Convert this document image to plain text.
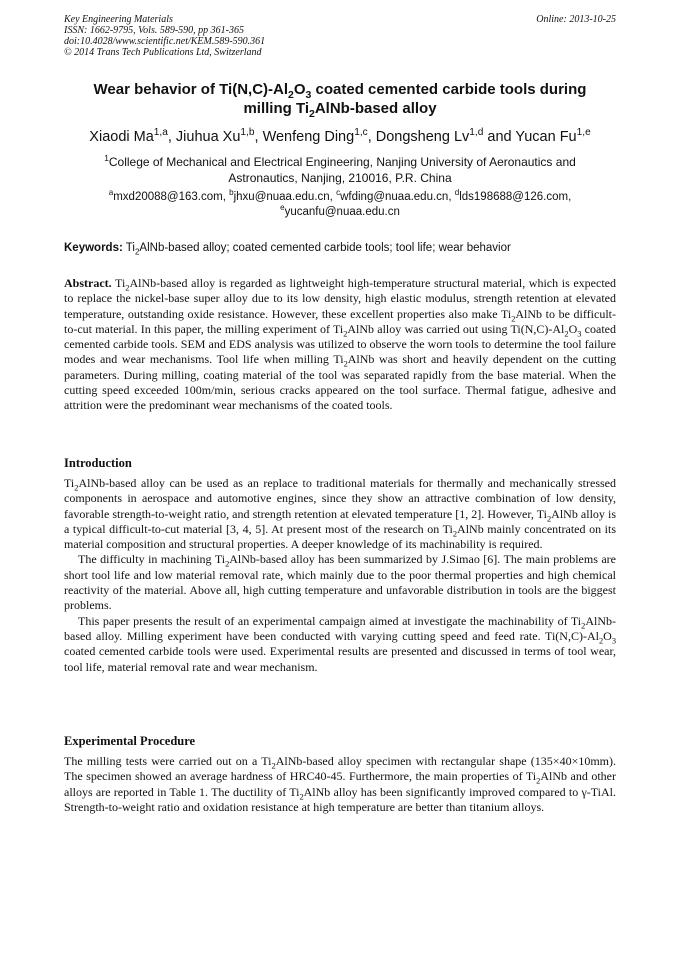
Key Engineering Materials
ISSN: 1662-9795, Vols. 589-590, pp 361-365
doi:10.4028/www.scientific.net/KEM.589-590.361
© 2014 Trans Tech Publications Ltd, Switzerland
Online: 2013-10-25
Wear behavior of $Ti(N,C)-Al_2O_3$ coated cemented carbide tools during
milling $Ti_2AlNb$-based alloy
Xiaodi Ma$^{1,a}$, Jiuhua Xu$^{1,b}$, Wenfeng Ding$^{1,c}$, Dongsheng Lv$^{1,d}$ and Yucan Fu$^{1,e}$
$^1$College of Mechanical and Electrical Engineering, Nanjing University of Aeronautics and
Astronautics, Nanjing, 210016, P.R. China
$^a$mxd20088@163.com, $^b$jhxu@nuaa.edu.cn, $^c$wfding@nuaa.edu.cn, $^d$lds198688@126.com,
$^e$yucanfu@nuaa.edu.cn
Keywords: $Ti_2AlNb$-based alloy; coated cemented carbide tools; tool life; wear behavior

Abstract. $Ti_2AlNb$-based alloy is regarded as lightweight high-temperature structural material, which is expected to replace the nickel-base super alloy due to its low density, high elastic modulus, strength retention at elevated temperature, outstanding oxide resistance. However, these excellent properties also make $Ti_2AlNb$ to be difficult-to-cut material. In this paper, the milling experiment of $Ti_2AlNb$ alloy was carried out using $Ti(N,C)-Al_2O_3$ coated cemented carbide tools. SEM and EDS analysis was utilized to observe the worn tools to determine the tool failure modes and wear mechanisms. Tool life when milling $Ti_2AlNb$ was short and heavily dependent on the cutting parameters. During milling, coating material of the tool was separated rapidly from the base material. When the cutting speed exceeded 100m/min, serious cracks appeared on the tool surface. Thermal fatigue, adhesive and attrition were the predominant wear mechanisms of the coated tools.

Introduction

$Ti_2AlNb$-based alloy can be used as an replace to traditional materials for thermally and mechanically stressed components in aerospace and automotive engines, since they show an attractive combination of low density, favorable strength-to-weight ratio, and strength retention at elevated temperature [1, 2]. However, $Ti_2AlNb$ alloy is a typical difficult-to-cut material [3, 4, 5]. At present most of the research on $Ti_2AlNb$ mainly concentrated on its material composition and structural properties. A deeper knowledge of its machinability is required.

The difficulty in machining $Ti_2AlNb$-based alloy has been summarized by J.Simao [6]. The main problems are short tool life and low material removal rate, which mainly due to the poor thermal properties and high chemical reactivity of the material. Above all, high cutting temperature and unfavorable distribution in tools are the biggest problems.

This paper presents the result of an experimental campaign aimed at investigate the machinability of $Ti_2AlNb$-based alloy. Milling experiment have been conducted with varying cutting speed and feed rate. $Ti(N,C)-Al_2O_3$ coated cemented carbide tools were used. Experimental results are presented and discussed in terms of tool wear, tool life, material removal rate and wear mechanism.

Experimental Procedure

The milling tests were carried out on a $Ti_2AlNb$-based alloy specimen with rectangular shape (135×40×10mm). The specimen showed an average hardness of HRC40-45. Furthermore, the main properties of $Ti_2AlNb$ and other alloys are reported in Table 1. The ductility of $Ti_2AlNb$ alloy has been significantly improved compared to γ-TiAl. Strength-to-weight ratio and oxidation resistance at high temperature are better than titanium alloys.
